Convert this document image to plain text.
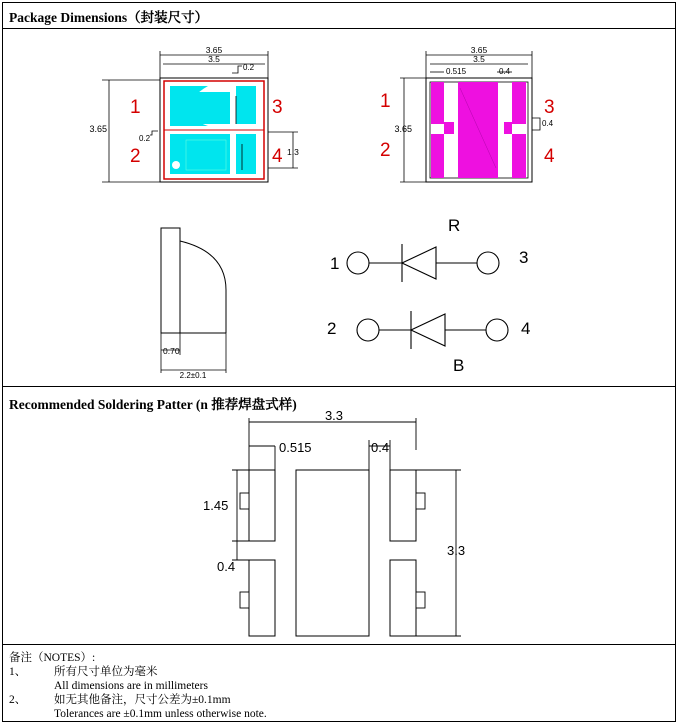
Package Dimensions（封装尺寸）
Recommended Soldering Patter (n 推荐焊盘式样)
3.65
3.5
0.2
3.65
0.2
1.3
1
2
3
4
3.65
3.5
0.515	0.4
3.65
0.4
1
2
3
4
0.70
2.2±0.1
1	3
R
2	4
B
3.3
0.515	0.4
1.45
0.4
3.3
备注（NOTES）:
1、 所有尺寸单位为毫米
All dimensions are in millimeters
2、 如无其他备注，尺寸公差为±0.1mm
Tolerances are ±0.1mm unless otherwise note.
